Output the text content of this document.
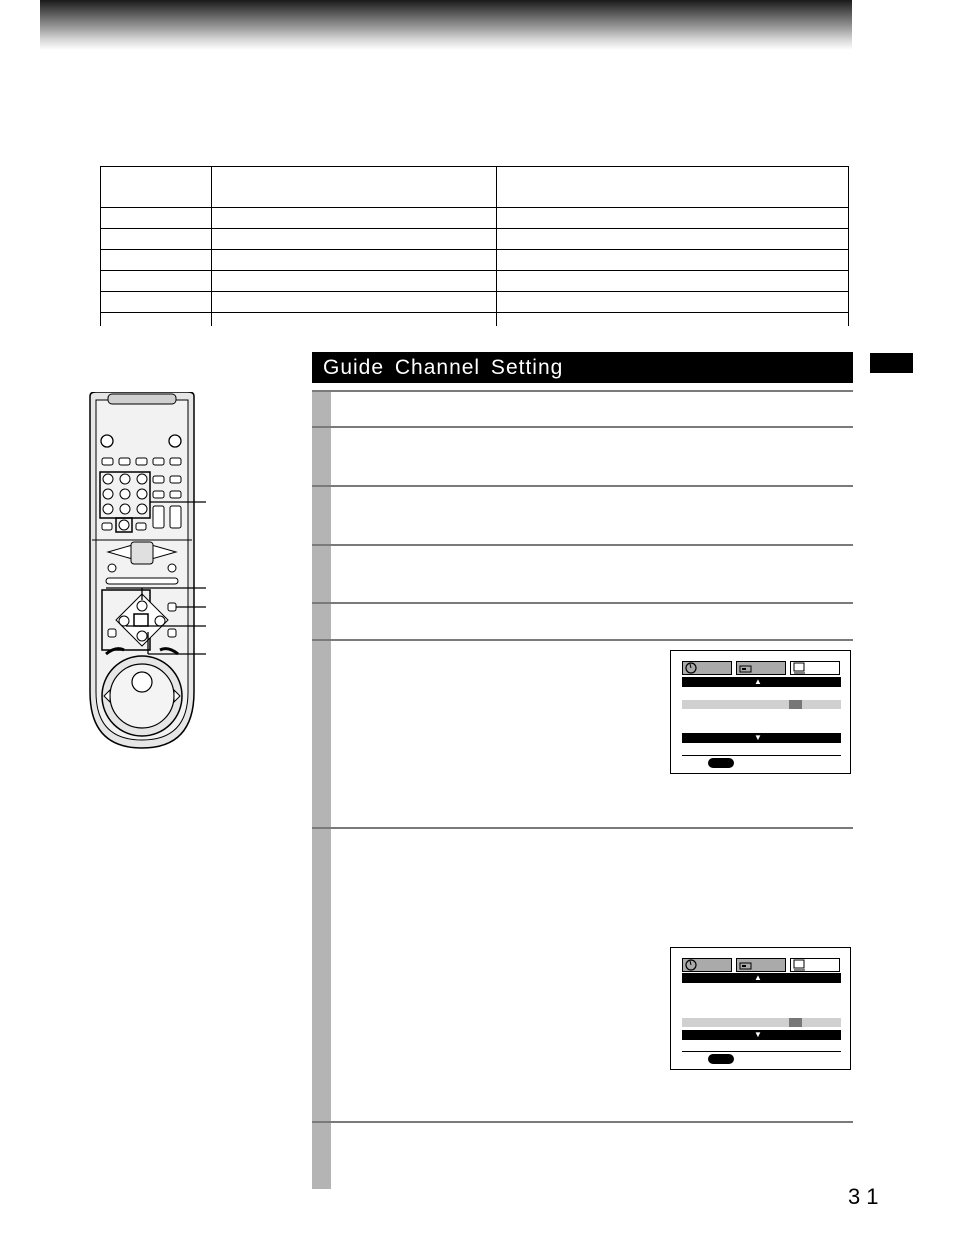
Guide Channel Setting
▲
▼
▲
▼
31
